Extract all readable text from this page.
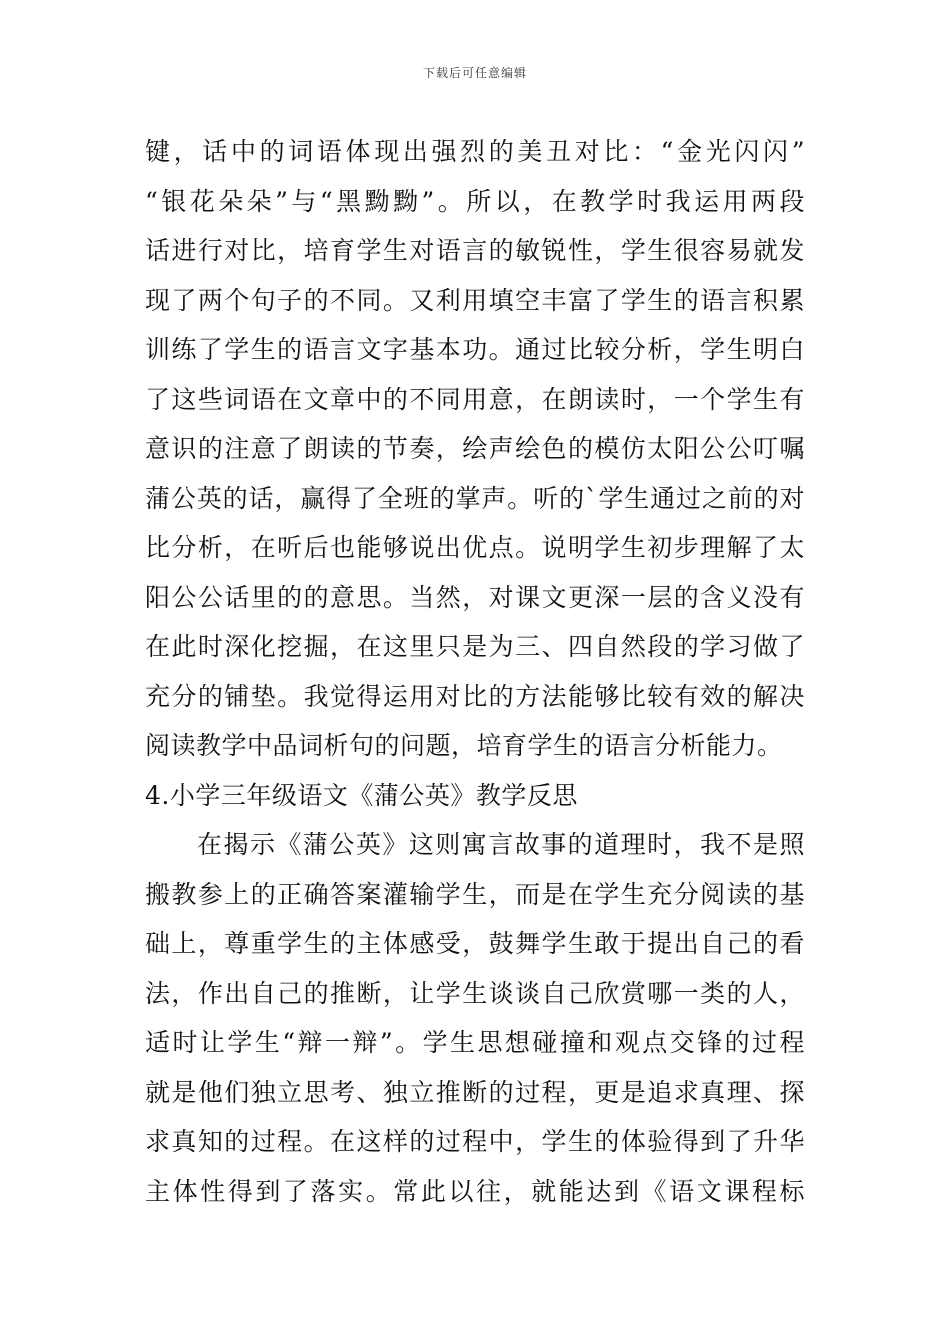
下载后可任意编辑
键，话中的词语体现出强烈的美丑对比：“金光闪闪”
“银花朵朵”与“黑黝黝”。所以，在教学时我运用两段
话进行对比，培育学生对语言的敏锐性，学生很容易就发
现了两个句子的不同。又利用填空丰富了学生的语言积累
训练了学生的语言文字基本功。通过比较分析，学生明白
了这些词语在文章中的不同用意，在朗读时，一个学生有
意识的注意了朗读的节奏，绘声绘色的模仿太阳公公叮嘱
蒲公英的话，赢得了全班的掌声。听的`学生通过之前的对
比分析，在听后也能够说出优点。说明学生初步理解了太
阳公公话里的的意思。当然，对课文更深一层的含义没有
在此时深化挖掘，在这里只是为三、四自然段的学习做了
充分的铺垫。我觉得运用对比的方法能够比较有效的解决
阅读教学中品词析句的问题，培育学生的语言分析能力。
4.小学三年级语文《蒲公英》教学反思
在揭示《蒲公英》这则寓言故事的道理时，我不是照
搬教参上的正确答案灌输学生，而是在学生充分阅读的基
础上，尊重学生的主体感受，鼓舞学生敢于提出自己的看
法，作出自己的推断，让学生谈谈自己欣赏哪一类的人，
适时让学生“辩一辩”。学生思想碰撞和观点交锋的过程
就是他们独立思考、独立推断的过程，更是追求真理、探
求真知的过程。在这样的过程中，学生的体验得到了升华
主体性得到了落实。常此以往，就能达到《语文课程标
